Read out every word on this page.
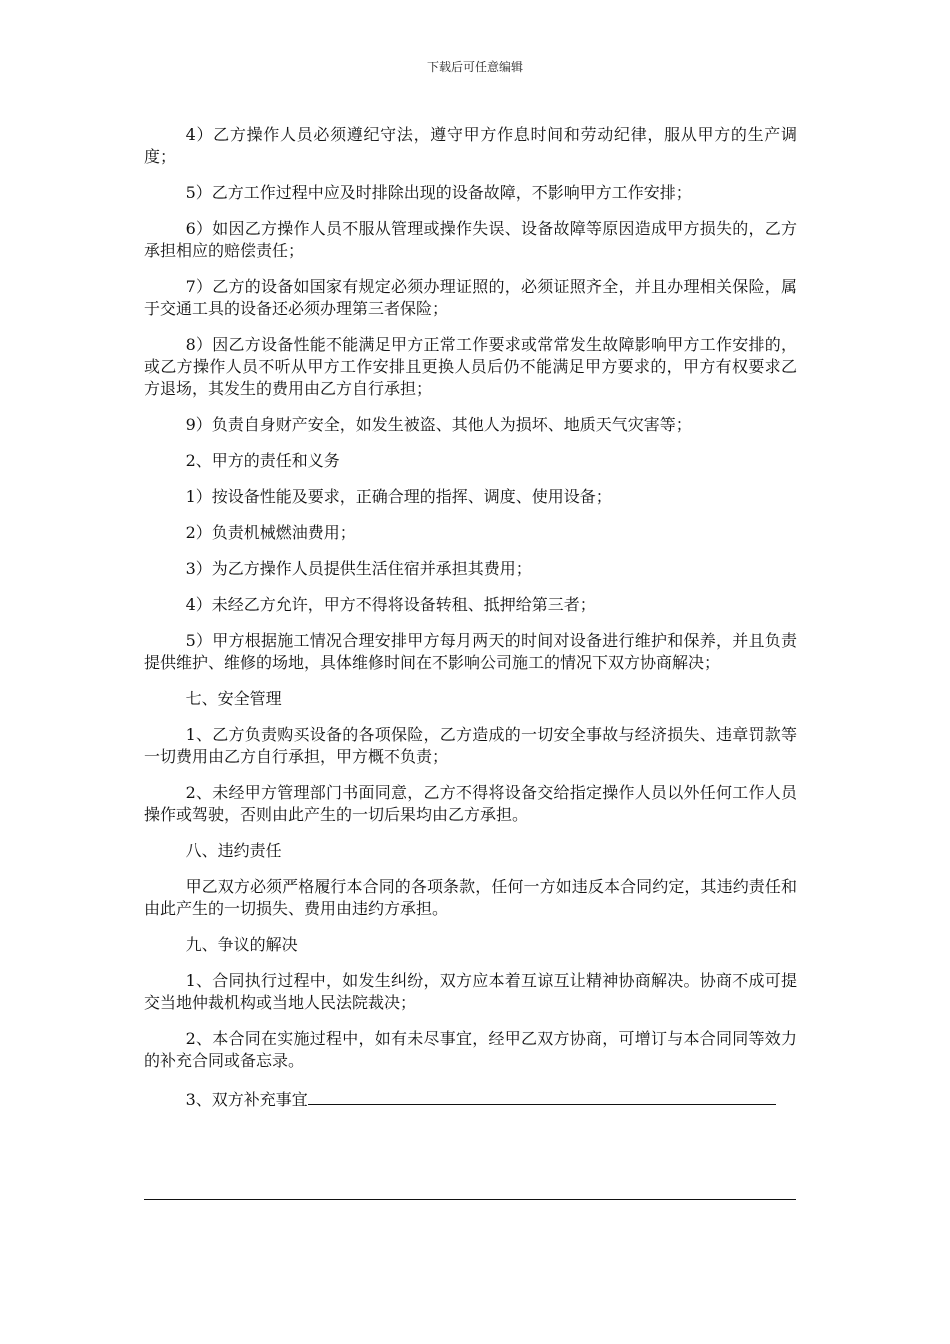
下载后可任意编辑

4）乙方操作人员必须遵纪守法，遵守甲方作息时间和劳动纪律，服从甲方的生产调度；

5）乙方工作过程中应及时排除出现的设备故障，不影响甲方工作安排；

6）如因乙方操作人员不服从管理或操作失误、设备故障等原因造成甲方损失的，乙方承担相应的赔偿责任；

7）乙方的设备如国家有规定必须办理证照的，必须证照齐全，并且办理相关保险，属于交通工具的设备还必须办理第三者保险；

8）因乙方设备性能不能满足甲方正常工作要求或常常发生故障影响甲方工作安排的，或乙方操作人员不听从甲方工作安排且更换人员后仍不能满足甲方要求的，甲方有权要求乙方退场，其发生的费用由乙方自行承担；

9）负责自身财产安全，如发生被盗、其他人为损坏、地质天气灾害等；

2、甲方的责任和义务

1）按设备性能及要求，正确合理的指挥、调度、使用设备；

2）负责机械燃油费用；

3）为乙方操作人员提供生活住宿并承担其费用；

4）未经乙方允许，甲方不得将设备转租、抵押给第三者；

5）甲方根据施工情况合理安排甲方每月两天的时间对设备进行维护和保养，并且负责提供维护、维修的场地，具体维修时间在不影响公司施工的情况下双方协商解决；

七、安全管理

1、乙方负责购买设备的各项保险，乙方造成的一切安全事故与经济损失、违章罚款等一切费用由乙方自行承担，甲方概不负责；

2、未经甲方管理部门书面同意，乙方不得将设备交给指定操作人员以外任何工作人员操作或驾驶，否则由此产生的一切后果均由乙方承担。

八、违约责任

甲乙双方必须严格履行本合同的各项条款，任何一方如违反本合同约定，其违约责任和由此产生的一切损失、费用由违约方承担。

九、争议的解决

1、合同执行过程中，如发生纠纷，双方应本着互谅互让精神协商解决。协商不成可提交当地仲裁机构或当地人民法院裁决；

2、本合同在实施过程中，如有未尽事宜，经甲乙双方协商，可增订与本合同同等效力的补充合同或备忘录。

3、双方补充事宜
